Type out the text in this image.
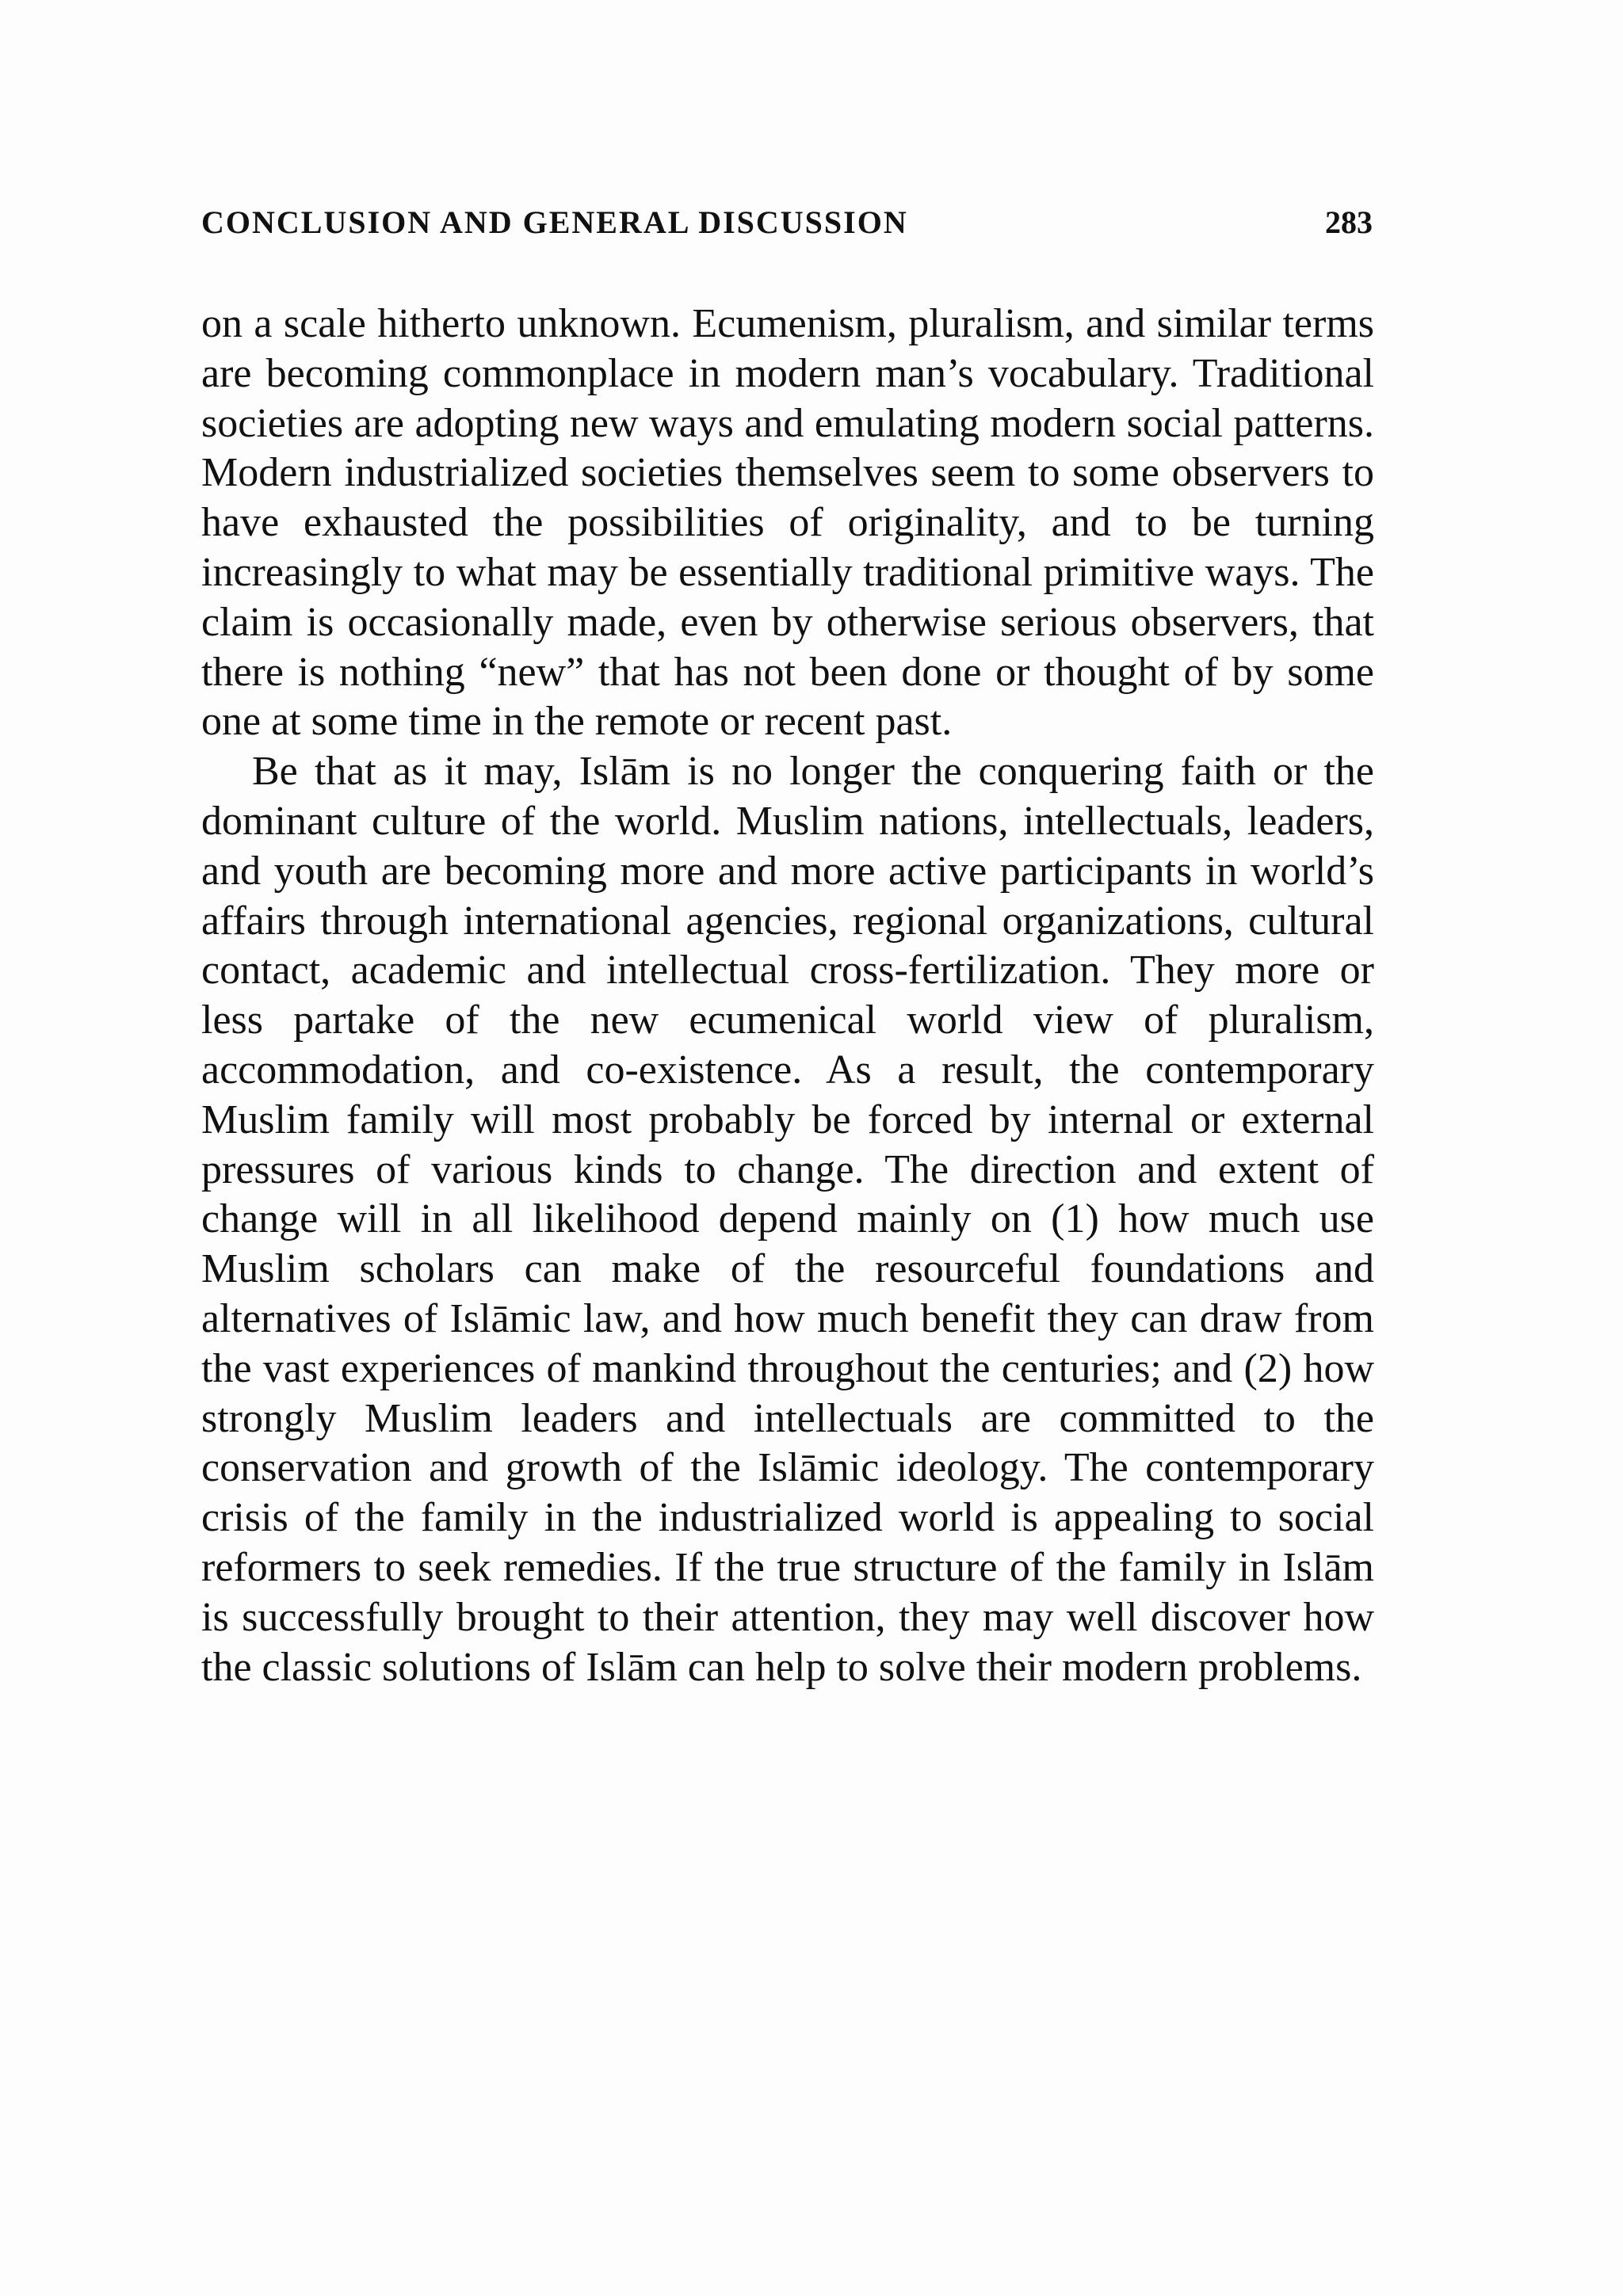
CONCLUSION AND GENERAL DISCUSSION	283

on a scale hitherto unknown. Ecumenism, pluralism, and similar terms are becoming commonplace in modern man’s vocabulary. Traditional societies are adopting new ways and emulating modern social patterns. Modern industrialized societies themselves seem to some observers to have exhausted the possibilities of originality, and to be turning increasingly to what may be essentially traditional primitive ways. The claim is occasionally made, even by otherwise serious observers, that there is nothing “new” that has not been done or thought of by some one at some time in the remote or recent past.

Be that as it may, Islām is no longer the conquering faith or the dominant culture of the world. Muslim nations, intellectuals, leaders, and youth are becoming more and more active participants in world’s affairs through international agencies, regional organizations, cultural contact, academic and intellectual cross-fertilization. They more or less partake of the new ecumenical world view of pluralism, accommodation, and co-existence. As a result, the contemporary Muslim family will most probably be forced by internal or external pressures of various kinds to change. The direction and extent of change will in all likelihood depend mainly on (1) how much use Muslim scholars can make of the resourceful foundations and alternatives of Islāmic law, and how much benefit they can draw from the vast experiences of mankind throughout the centuries; and (2) how strongly Muslim leaders and intellectuals are committed to the conservation and growth of the Islāmic ideology. The contemporary crisis of the family in the industrialized world is appealing to social reformers to seek remedies. If the true structure of the family in Islām is successfully brought to their attention, they may well discover how the classic solutions of Islām can help to solve their modern problems.
